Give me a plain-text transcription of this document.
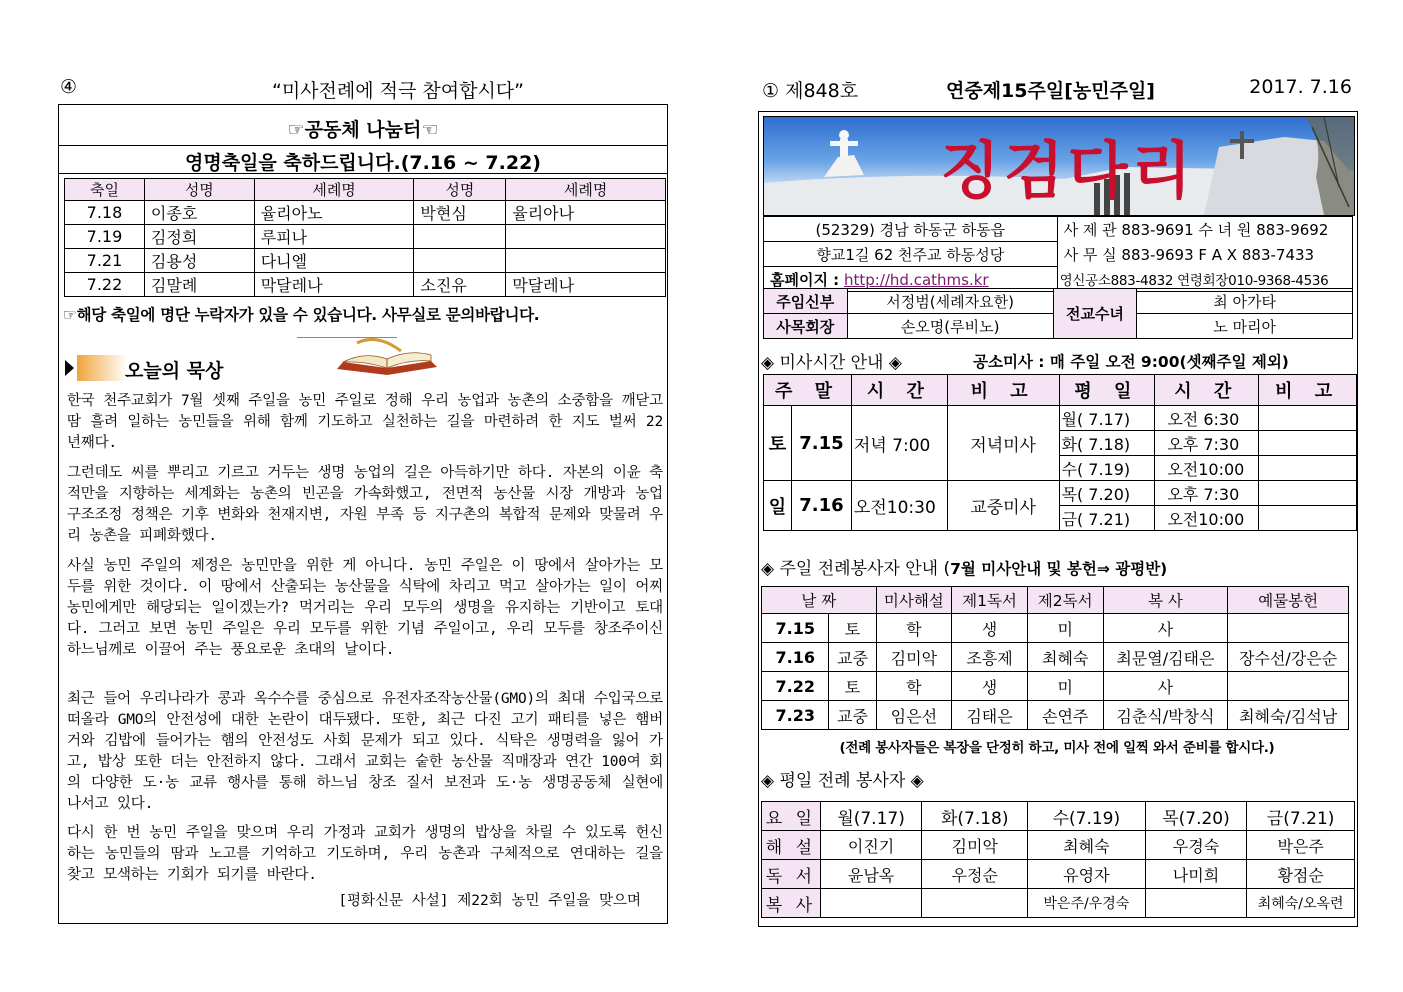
④	“미사전례에 적극 참여합시다”
☞공동체 나눔터☜
영명축일을 축하드립니다.(7.16 ~ 7.22)
축일	성명	세례명	성명	세례명
7.18	이종호	율리아노	박현심	율리아나
7.19	김정희	루피나		
7.21	김용성	다니엘		
7.22	김말례	막달레나	소진유	막달레나
☞해당 축일에 명단 누락자가 있을 수 있습니다. 사무실로 문의바랍니다.
오늘의 묵상
한국 천주교회가 7월 셋째 주일을 농민 주일로 정해 우리 농업과 농촌의 소중함을 깨닫고 땀 흘려 일하는 농민들을 위해 함께 기도하고 실천하는 길을 마련하려 한 지도 벌써 22년째다.
그런데도 씨를 뿌리고 기르고 거두는 생명 농업의 길은 아득하기만 하다. 자본의 이윤 축적만을 지향하는 세계화는 농촌의 빈곤을 가속화했고, 전면적 농산물 시장 개방과 농업 구조조정 정책은 기후 변화와 천재지변, 자원 부족 등 지구촌의 복합적 문제와 맞물려 우리 농촌을 피폐화했다.
사실 농민 주일의 제정은 농민만을 위한 게 아니다. 농민 주일은 이 땅에서 살아가는 모두를 위한 것이다. 이 땅에서 산출되는 농산물을 식탁에 차리고 먹고 살아가는 일이 어찌 농민에게만 해당되는 일이겠는가? 먹거리는 우리 모두의 생명을 유지하는 기반이고 토대다. 그러고 보면 농민 주일은 우리 모두를 위한 기념 주일이고, 우리 모두를 창조주이신 하느님께로 이끌어 주는 풍요로운 초대의 날이다.
최근 들어 우리나라가 콩과 옥수수를 중심으로 유전자조작농산물(GMO)의 최대 수입국으로 떠올라 GMO의 안전성에 대한 논란이 대두됐다. 또한, 최근 다진 고기 패티를 넣은 햄버거와 김밥에 들어가는 햄의 안전성도 사회 문제가 되고 있다. 식탁은 생명력을 잃어 가고, 밥상 또한 더는 안전하지 않다. 그래서 교회는 숱한 농산물 직매장과 연간 100여 회의 다양한 도·농 교류 행사를 통해 하느님 창조 질서 보전과 도·농 생명공동체 실현에 나서고 있다.
다시 한 번 농민 주일을 맞으며 우리 가정과 교회가 생명의 밥상을 차릴 수 있도록 헌신하는 농민들의 땀과 노고를 기억하고 기도하며, 우리 농촌과 구체적으로 연대하는 길을 찾고 모색하는 기회가 되기를 바란다.
[평화신문 사설] 제22회 농민 주일을 맞으며
① 제848호	연중제15주일[농민주일]	2017. 7.16
징검다리
(52329) 경남 하동군 하동읍	사 제 관 883-9691 수 녀 원 883-9692
향교1길 62 천주교 하동성당	사 무 실 883-9693 F A X 883-7433
홈페이지 : http://hd.cathms.kr	영신공소883-4832 연령회장010-9368-4536
주임신부	서정범(세례자요한)	전교수녀	최 아가타
사목회장	손오명(루비노)		노 마리아
◈ 미사시간 안내 ◈	공소미사 : 매 주일 오전 9:00(셋째주일 제외)
주 말		시 간	비 고	평 일	시 간	비 고
토	7.15	저녁 7:00	저녁미사	월( 7.17)	오전 6:30	
				화( 7.18)	오후 7:30	
				수( 7.19)	오전10:00	
일	7.16	오전10:30	교중미사	목( 7.20)	오후 7:30	
				금( 7.21)	오전10:00	
◈ 주일 전례봉사자 안내 (7월 미사안내 및 봉헌⇒ 광평반)
날 짜		미사해설	제1독서	제2독서	복 사	예물봉헌
7.15	토	학	생	미	사	
7.16	교중	김미악	조흥제	최혜숙	최문열/김태은	장수선/강은순
7.22	토	학	생	미	사	
7.23	교중	임은선	김태은	손연주	김춘식/박창식	최혜숙/김석남
(전례 봉사자들은 복장을 단정히 하고, 미사 전에 일찍 와서 준비를 합시다.)
◈ 평일 전례 봉사자 ◈
요 일	월(7.17)	화(7.18)	수(7.19)	목(7.20)	금(7.21)
해 설	이진기	김미악	최혜숙	우경숙	박은주
독 서	윤남옥	우정순	유영자	나미희	황점순
복 사			박은주/우경숙		최혜숙/오옥련
